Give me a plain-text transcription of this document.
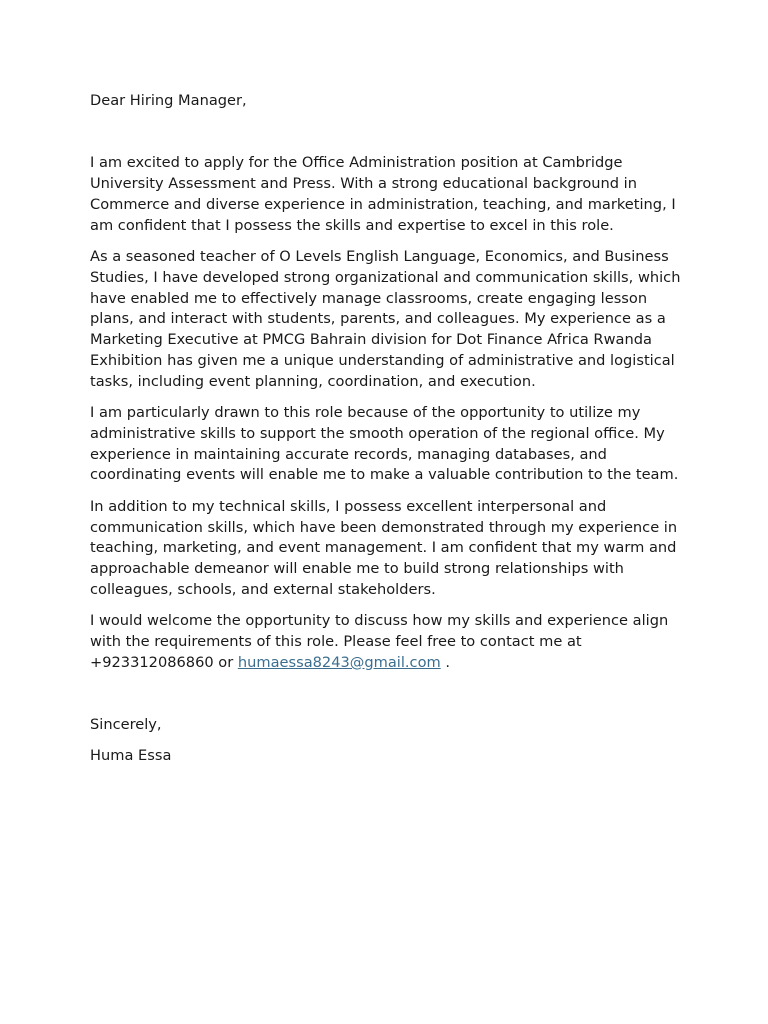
Dear Hiring Manager,

I am excited to apply for the Office Administration position at Cambridge University Assessment and Press. With a strong educational background in Commerce and diverse experience in administration, teaching, and marketing, I am confident that I possess the skills and expertise to excel in this role.

As a seasoned teacher of O Levels English Language, Economics, and Business Studies, I have developed strong organizational and communication skills, which have enabled me to effectively manage classrooms, create engaging lesson plans, and interact with students, parents, and colleagues. My experience as a Marketing Executive at PMCG Bahrain division for Dot Finance Africa Rwanda Exhibition has given me a unique understanding of administrative and logistical tasks, including event planning, coordination, and execution.

I am particularly drawn to this role because of the opportunity to utilize my administrative skills to support the smooth operation of the regional office. My experience in maintaining accurate records, managing databases, and coordinating events will enable me to make a valuable contribution to the team.

In addition to my technical skills, I possess excellent interpersonal and communication skills, which have been demonstrated through my experience in teaching, marketing, and event management. I am confident that my warm and approachable demeanor will enable me to build strong relationships with colleagues, schools, and external stakeholders.

I would welcome the opportunity to discuss how my skills and experience align with the requirements of this role. Please feel free to contact me at +923312086860 or humaessa8243@gmail.com .

Sincerely,

Huma Essa
